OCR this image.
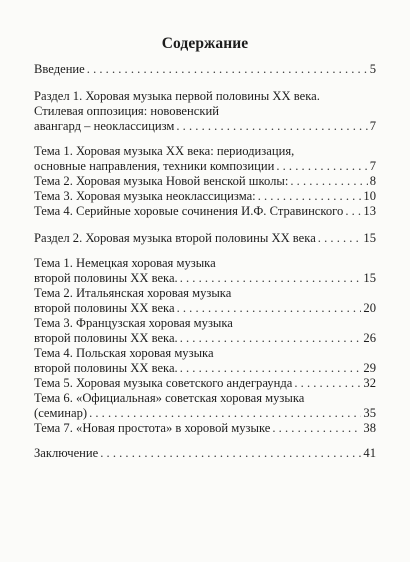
Содержание
Введение . . .	5
Раздел 1. Хоровая музыка первой половины XX века.
Стилевая оппозиция: нововенский
авангард – неоклассицизм . . .	7
Тема 1. Хоровая музыка XX века: периодизация,
основные направления, техники композиции . . .	7
Тема 2. Хоровая музыка Новой венской школы: . . .	8
Тема 3. Хоровая музыка неоклассицизма: . . .	10
Тема 4. Серийные хоровые сочинения И.Ф. Стравинского . . . 13
Раздел 2. Хоровая музыка второй половины XX века . . .	15
Тема 1. Немецкая хоровая музыка
второй половины XX века. . . .	15
Тема 2. Итальянская хоровая музыка
второй половины XX века . . .	20
Тема 3. Французская хоровая музыка
второй половины XX века. . . .	26
Тема 4. Польская хоровая музыка
второй половины XX века. . . .	29
Тема 5. Хоровая музыка советского андеграунда . . .	32
Тема 6. «Официальная» советская хоровая музыка
(семинар) . . .	35
Тема 7. «Новая простота» в хоровой музыке . . .	38
Заключение . . .	41
